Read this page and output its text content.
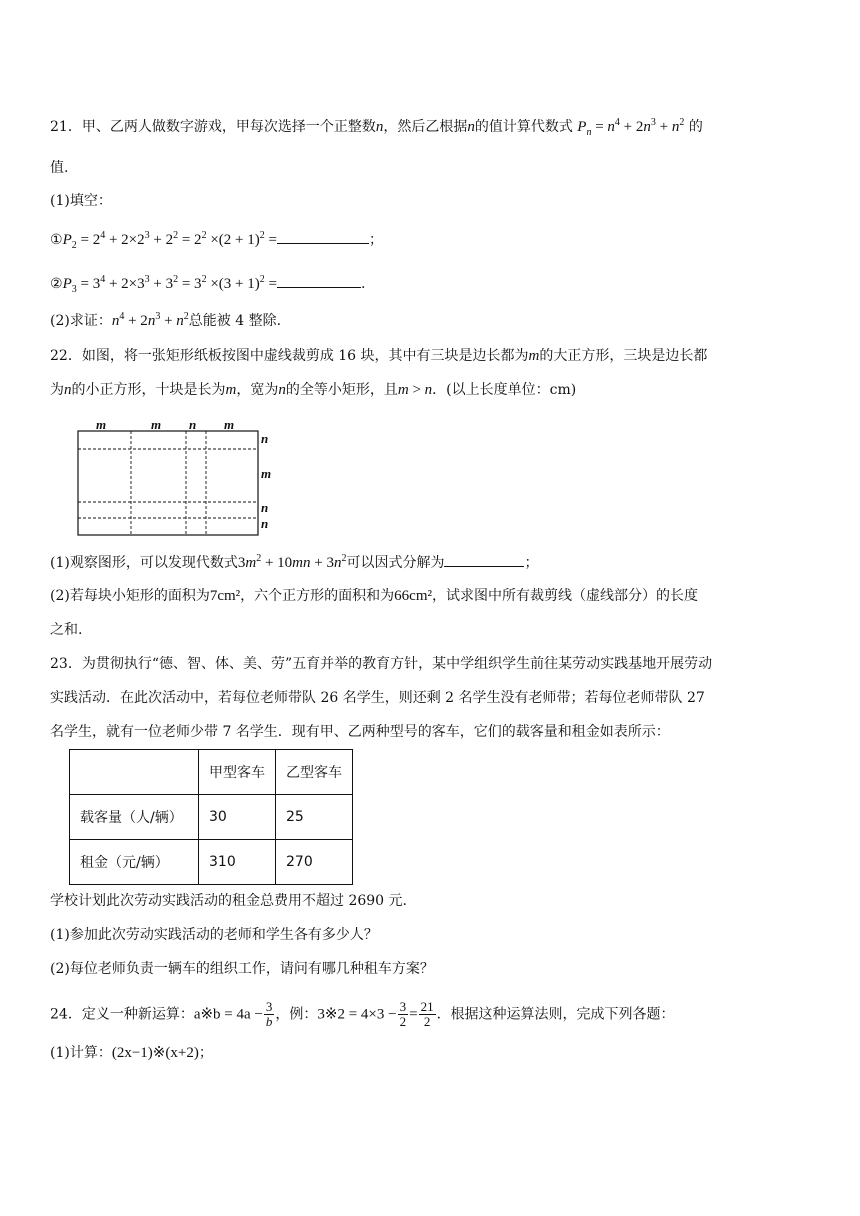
21．甲、乙两人做数字游戏，甲每次选择一个正整数n，然后乙根据n的值计算代数式 $P_n = n^4 + 2n^3 + n^2$ 的
值.
(1)填空：
$①P_2 = 2^4 + 2\times 2^3 + 2^2 = 2^2 \times(2 + 1)^2$ =	；
$②P_3 = 3^4 + 2\times 3^3 + 3^2 = 3^2 \times(3 + 1)^2$ =	.
(2)求证：$n^4 + 2n^3 + n^2$总能被 4 整除.
22．如图，将一张矩形纸板按图中虚线裁剪成 16 块，其中有三块是边长都为m的大正方形，三块是边长都
为n的小正方形，十块是长为m，宽为n的全等小矩形，且m > n．(以上长度单位：cm)
m	m n m
n
m
n
n
(1)观察图形，可以发现代数式$3m^2 + 10mn + 3n^2$可以因式分解为	；
(2)若每块小矩形的面积为7cm²，六个正方形的面积和为66cm²，试求图中所有裁剪线（虚线部分）的长度
之和.
23．为贯彻执行“德、智、体、美、劳”五育并举的教育方针，某中学组织学生前往某劳动实践基地开展劳动
实践活动．在此次活动中，若每位老师带队 26 名学生，则还剩 2 名学生没有老师带；若每位老师带队 27
名学生，就有一位老师少带 7 名学生．现有甲、乙两种型号的客车，它们的载客量和租金如表所示：
	甲型客车	乙型客车
载客量（人/辆）	30	25
租金（元/辆）	310	270
学校计划此次劳动实践活动的租金总费用不超过 2690 元.
(1)参加此次劳动实践活动的老师和学生各有多少人？
(2)每位老师负责一辆车的组织工作，请问有哪几种租车方案？
24．定义一种新运算：a※b = $4a - \frac{3}{b}$ ，例：3※2 = $4\times 3 - \frac{3}{2} = \frac{21}{2}$ ．根据这种运算法则，完成下列各题：
(1)计算：(2x−1)※(x+2)；
